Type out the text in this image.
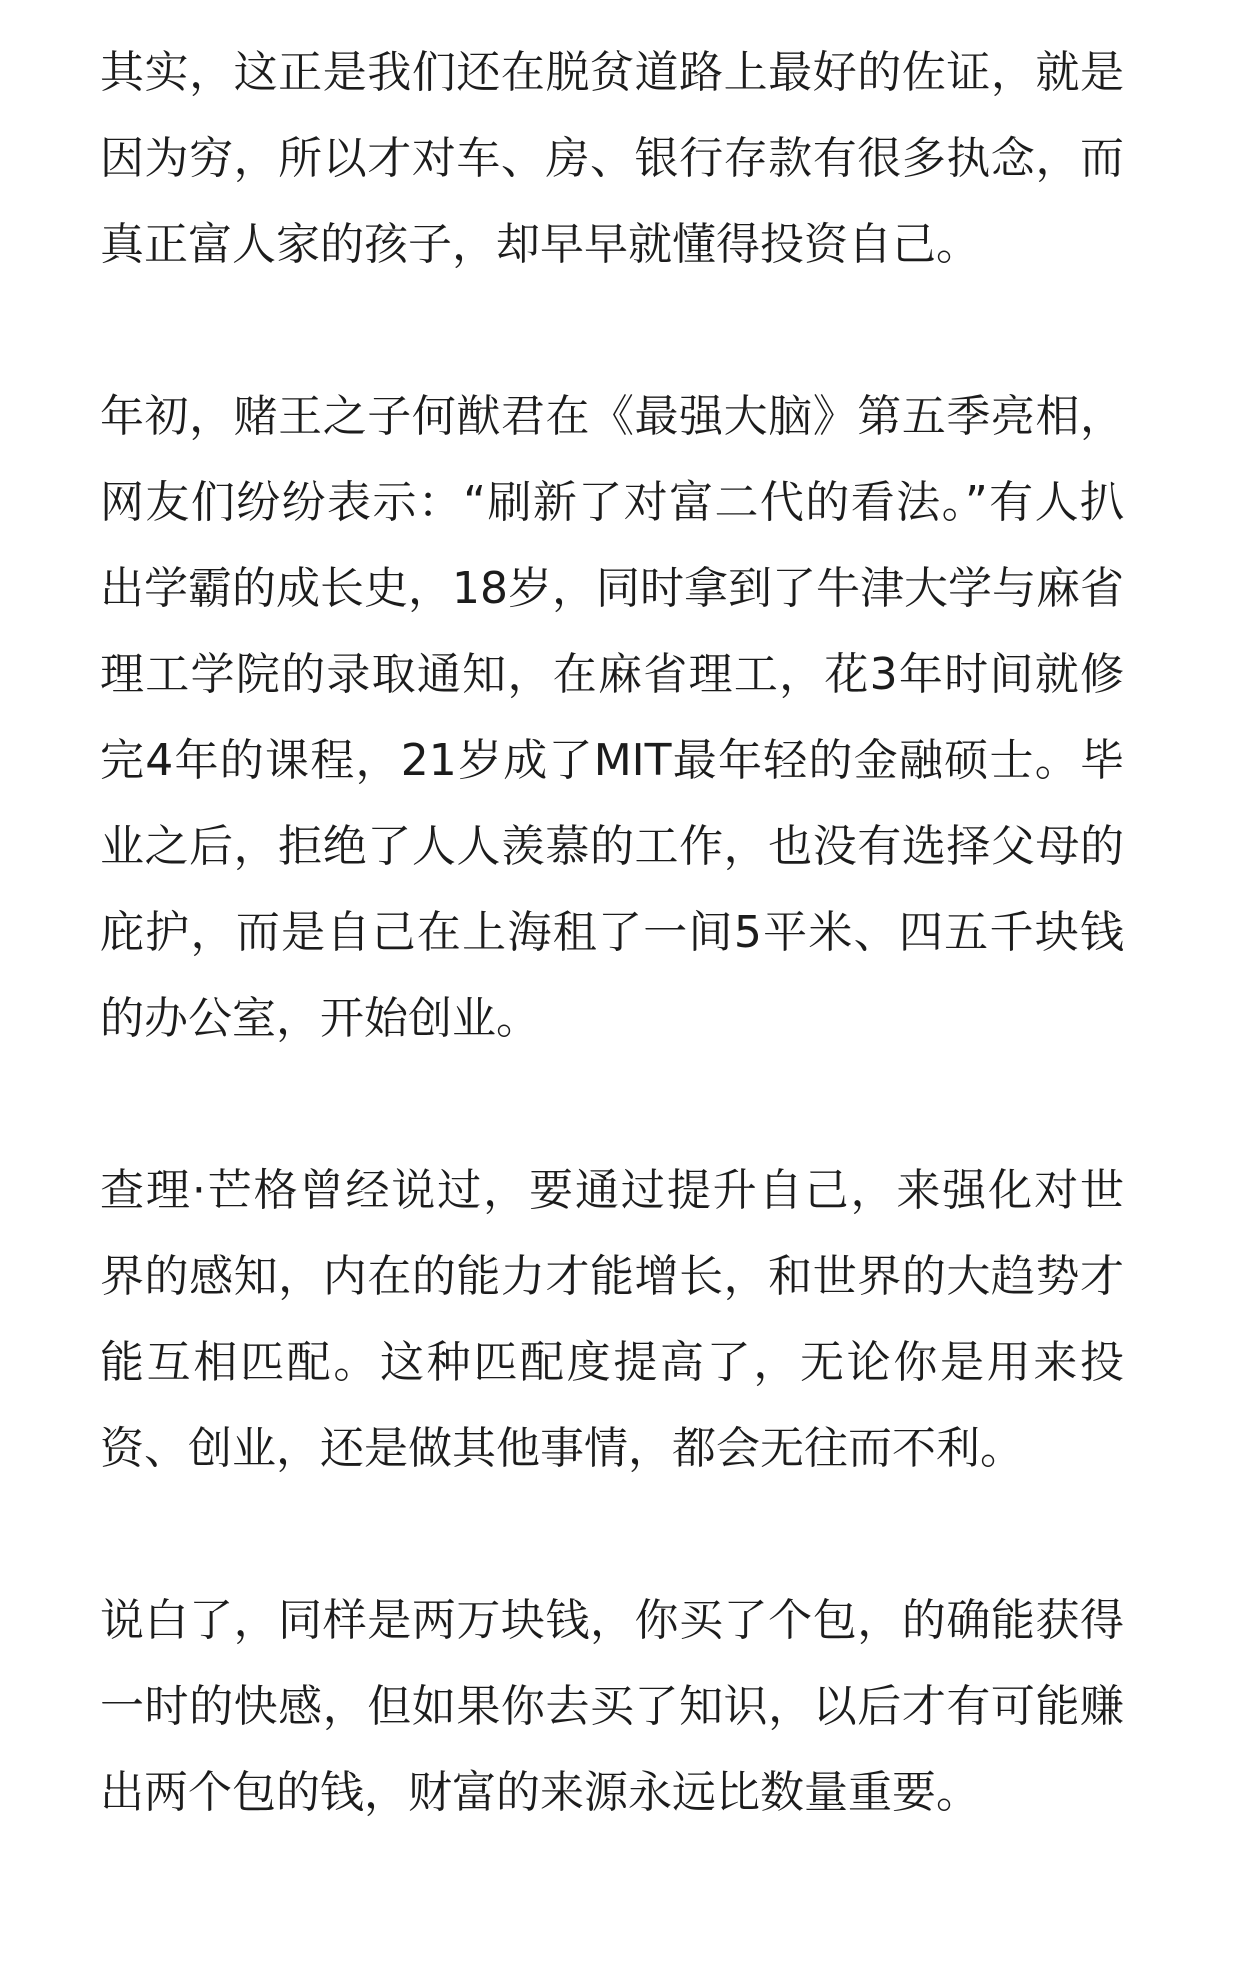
其实，这正是我们还在脱贫道路上最好的佐证，就是因为穷，所以才对车、房、银行存款有很多执念，而真正富人家的孩子，却早早就懂得投资自己。

年初，赌王之子何猷君在《最强大脑》第五季亮相，网友们纷纷表示：“刷新了对富二代的看法。”有人扒出学霸的成长史，18岁，同时拿到了牛津大学与麻省理工学院的录取通知，在麻省理工，花3年时间就修完4年的课程，21岁成了MIT最年轻的金融硕士。毕业之后，拒绝了人人羡慕的工作，也没有选择父母的庇护，而是自己在上海租了一间5平米、四五千块钱的办公室，开始创业。

查理·芒格曾经说过，要通过提升自己，来强化对世界的感知，内在的能力才能增长，和世界的大趋势才能互相匹配。这种匹配度提高了，无论你是用来投资、创业，还是做其他事情，都会无往而不利。

说白了，同样是两万块钱，你买了个包，的确能获得一时的快感，但如果你去买了知识，以后才有可能赚出两个包的钱，财富的来源永远比数量重要。
